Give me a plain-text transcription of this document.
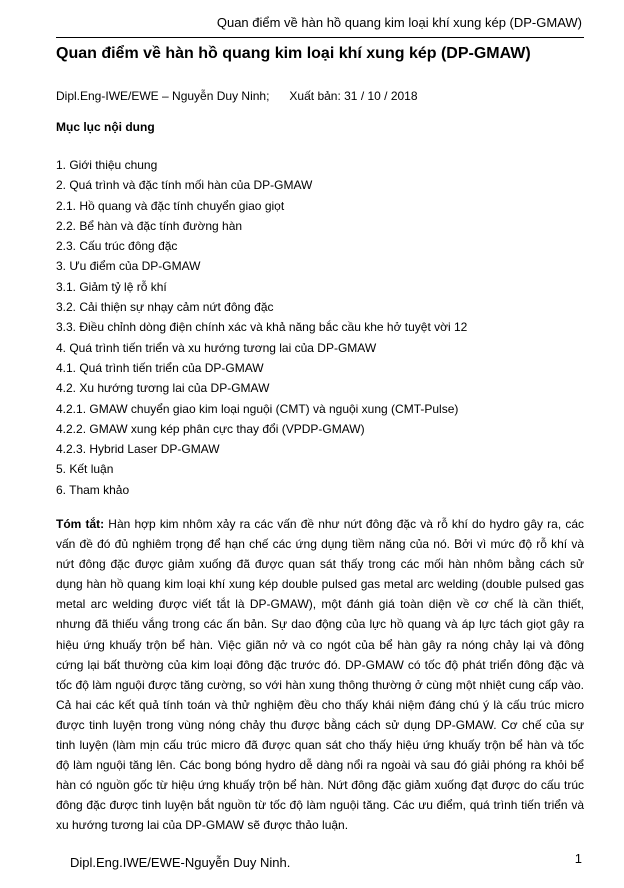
Quan điểm về hàn hồ quang kim loại khí xung kép (DP-GMAW)
Quan điểm về hàn hồ quang kim loại khí xung kép (DP-GMAW)
Dipl.Eng-IWE/EWE – Nguyễn Duy Ninh; Xuất bản: 31 / 10 / 2018
Mục lục nội dung
1. Giới thiệu chung
2. Quá trình và đặc tính mối hàn của DP-GMAW
2.1. Hồ quang và đặc tính chuyển giao giọt
2.2. Bể hàn và đặc tính đường hàn
2.3. Cấu trúc đông đặc
3. Ưu điểm của DP-GMAW
3.1. Giảm tỷ lệ rỗ khí
3.2. Cải thiện sự nhạy cảm nứt đông đặc
3.3. Điều chỉnh dòng điện chính xác và khả năng bắc cầu khe hở tuyệt vời 12
4. Quá trình tiến triển và xu hướng tương lai của DP-GMAW
4.1. Quá trình tiến triển của DP-GMAW
4.2. Xu hướng tương lai của DP-GMAW
4.2.1. GMAW chuyển giao kim loại nguội (CMT) và nguội xung (CMT-Pulse)
4.2.2. GMAW xung kép phân cực thay đổi (VPDP-GMAW)
4.2.3. Hybrid Laser DP-GMAW
5. Kết luận
6. Tham khảo

Tóm tắt: Hàn hợp kim nhôm xảy ra các vấn đề như nứt đông đặc và rỗ khí do hydro gây ra, các vấn đề đó đủ nghiêm trọng để hạn chế các ứng dụng tiềm năng của nó. Bởi vì mức độ rỗ khí và nứt đông đặc được giảm xuống đã được quan sát thấy trong các mối hàn nhôm bằng cách sử dụng hàn hồ quang kim loại khí xung kép double pulsed gas metal arc welding (double pulsed gas metal arc welding được viết tắt là DP-GMAW), một đánh giá toàn diện về cơ chế là cần thiết, nhưng đã thiếu vắng trong các ấn bản. Sự dao động của lực hồ quang và áp lực tách giọt gây ra hiệu ứng khuấy trộn bể hàn. Việc giãn nở và co ngót của bể hàn gây ra nóng chảy lại và đông cứng lại bất thường của kim loại đông đặc trước đó. DP-GMAW có tốc độ phát triển đông đặc và tốc độ làm nguội được tăng cường, so với hàn xung thông thường ở cùng một nhiệt cung cấp vào. Cả hai các kết quả tính toán và thử nghiệm đều cho thấy khái niệm đáng chú ý là cấu trúc micro được tinh luyện trong vùng nóng chảy thu được bằng cách sử dụng DP-GMAW. Cơ chế của sự tinh luyện (làm mịn cấu trúc micro đã được quan sát cho thấy hiệu ứng khuấy trộn bể hàn và tốc độ làm nguội tăng lên. Các bong bóng hydro dễ dàng nổi ra ngoài và sau đó giải phóng ra khỏi bể hàn có nguồn gốc từ hiệu ứng khuấy trộn bể hàn. Nứt đông đặc giảm xuống đạt được do cấu trúc đông đặc được tinh luyện bắt nguồn từ tốc độ làm nguội tăng. Các ưu điểm, quá trình tiến triển và xu hướng tương lai của DP-GMAW sẽ được thảo luận.

Dipl.Eng.IWE/EWE-Nguyễn Duy Ninh.	1
